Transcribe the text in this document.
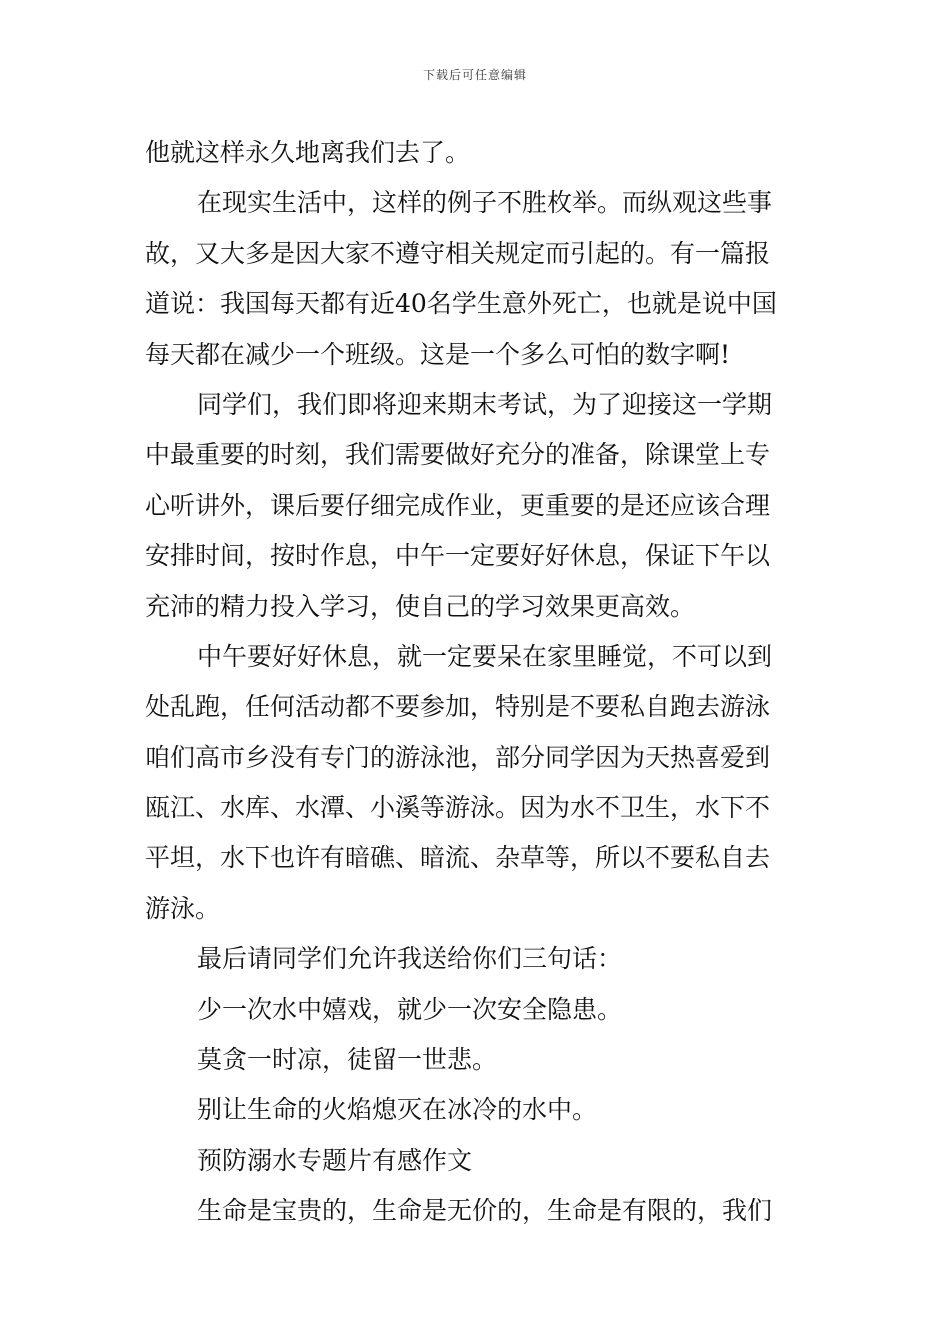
下载后可任意编辑
他就这样永久地离我们去了。
在现实生活中，这样的例子不胜枚举。而纵观这些事
故，又大多是因大家不遵守相关规定而引起的。有一篇报
道说：我国每天都有近40名学生意外死亡，也就是说中国
每天都在减少一个班级。这是一个多么可怕的数字啊!
同学们，我们即将迎来期末考试，为了迎接这一学期
中最重要的时刻，我们需要做好充分的准备，除课堂上专
心听讲外，课后要仔细完成作业，更重要的是还应该合理
安排时间，按时作息，中午一定要好好休息，保证下午以
充沛的精力投入学习，使自己的学习效果更高效。
中午要好好休息，就一定要呆在家里睡觉，不可以到
处乱跑，任何活动都不要参加，特别是不要私自跑去游泳
咱们高市乡没有专门的游泳池，部分同学因为天热喜爱到
瓯江、水库、水潭、小溪等游泳。因为水不卫生，水下不
平坦，水下也许有暗礁、暗流、杂草等，所以不要私自去
游泳。
最后请同学们允许我送给你们三句话：
少一次水中嬉戏，就少一次安全隐患。
莫贪一时凉，徒留一世悲。
别让生命的火焰熄灭在冰冷的水中。
预防溺水专题片有感作文
生命是宝贵的，生命是无价的，生命是有限的，我们
